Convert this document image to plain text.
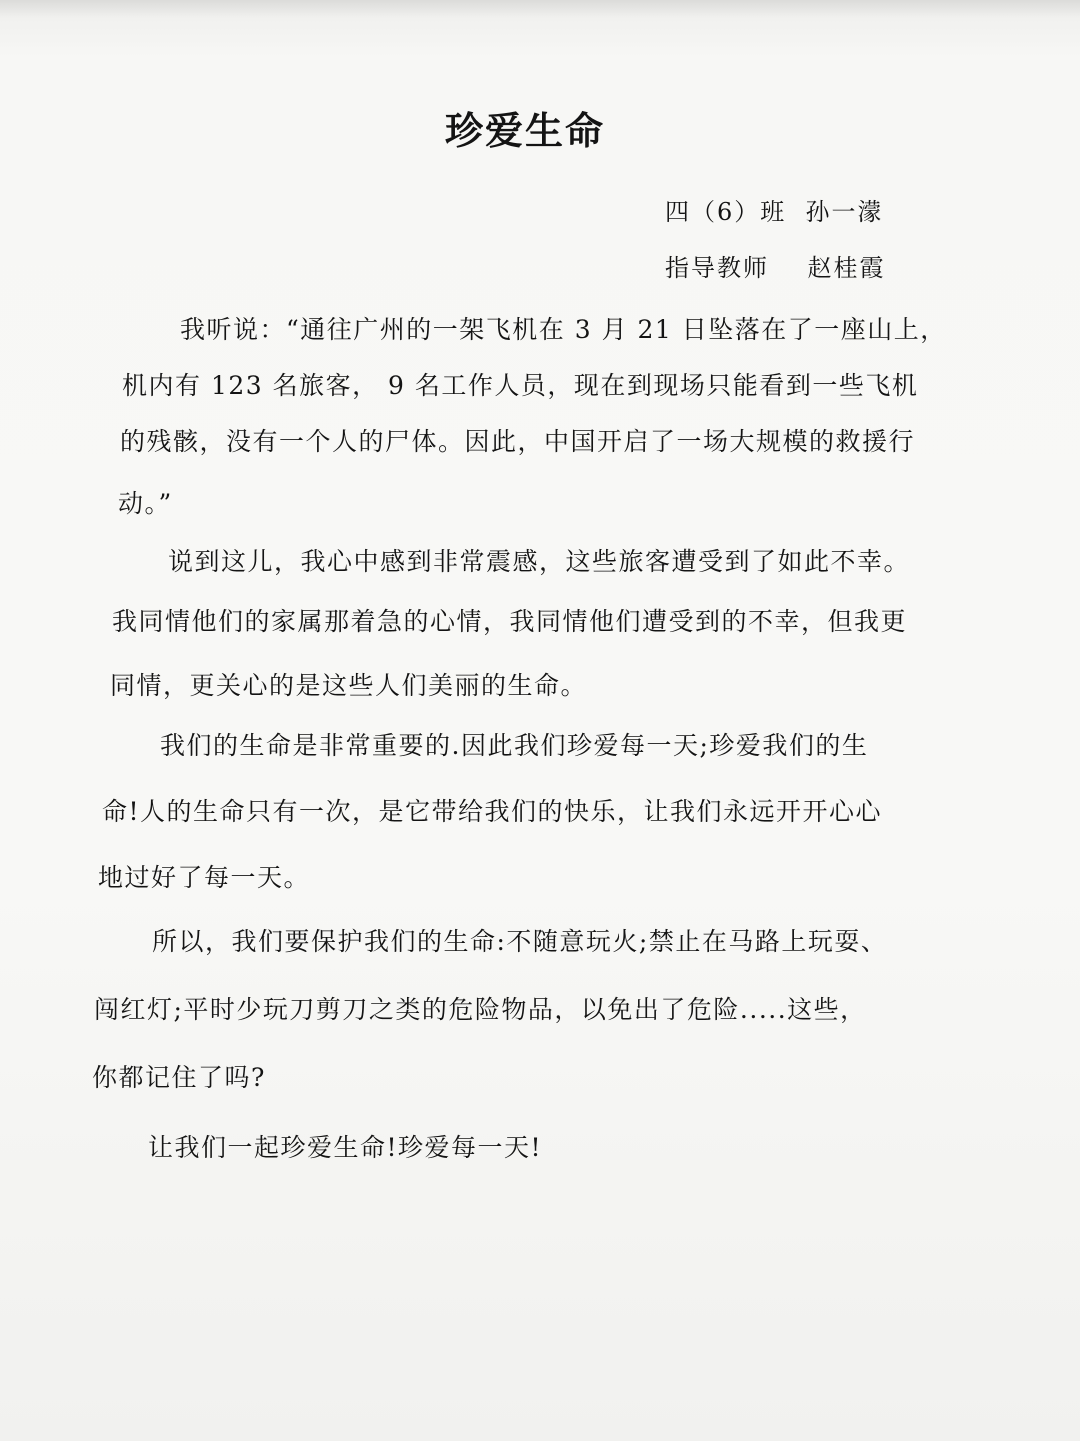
珍爱生命
四（6）班  孙一濛
指导教师    赵桂霞
我听说：“通往广州的一架飞机在 3 月 21 日坠落在了一座山上，
机内有 123 名旅客， 9 名工作人员，现在到现场只能看到一些飞机
的残骸，没有一个人的尸体。因此，中国开启了一场大规模的救援行
动。”
说到这儿，我心中感到非常震感，这些旅客遭受到了如此不幸。
我同情他们的家属那着急的心情，我同情他们遭受到的不幸，但我更
同情，更关心的是这些人们美丽的生命。
我们的生命是非常重要的.因此我们珍爱每一天;珍爱我们的生
命!人的生命只有一次，是它带给我们的快乐，让我们永远开开心心
地过好了每一天。
所以，我们要保护我们的生命:不随意玩火;禁止在马路上玩耍、
闯红灯;平时少玩刀剪刀之类的危险物品，以免出了危险.....这些，
你都记住了吗?
让我们一起珍爱生命!珍爱每一天!
